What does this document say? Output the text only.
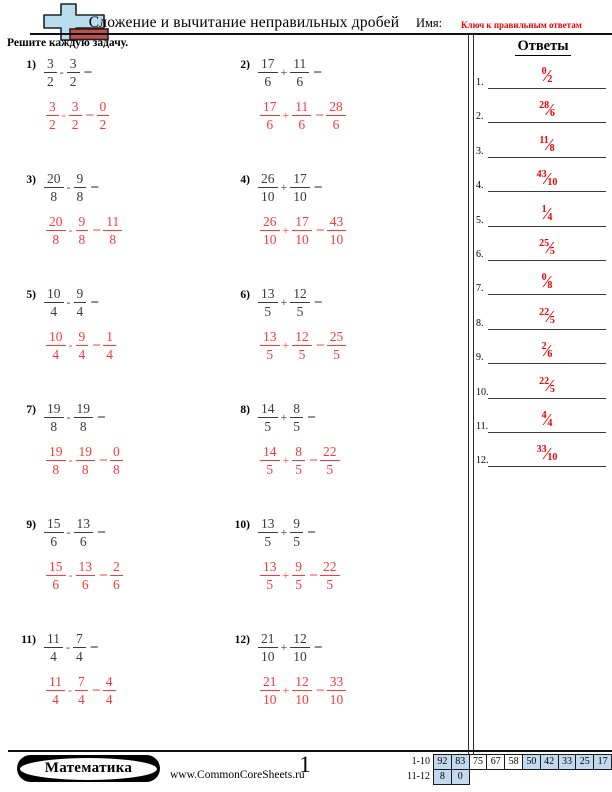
Сложение и вычитание неправильных дробей Имя: Ключ к правильным ответам
Решите каждую задачу.	Ответы
1.
$^0⁄_2$
2.
$^{28}⁄_6$
3.
$^{11}⁄_8$
4.
$^{43}⁄_{10}$
5.
$^1⁄_4$
6.
$^{25}⁄_5$
7.
$^0⁄_8$
8.
$^{22}⁄_5$
9.
$^2⁄_6$
10.
$^{22}⁄_5$
11.
$^4⁄_4$
12.
$^{33}⁄_{10}$
$1) \frac{3}{2} - \frac{3}{2}$ –
$\frac{3}{2} - \frac{3}{2} - \frac{0}{2}$
$2) \frac{17}{6} + \frac{11}{6}$ –
$\frac{17}{6} + \frac{11}{6} - \frac{28}{6}$
$3) \frac{20}{8} - \frac{9}{8}$ –
$\frac{20}{8} - \frac{9}{8} - \frac{11}{8}$
$4) \frac{26}{10} + \frac{17}{10}$ –
$\frac{26}{10} + \frac{17}{10} - \frac{43}{10}$
$5) \frac{10}{4} - \frac{9}{4}$ –
$\frac{10}{4} - \frac{9}{4} - \frac{1}{4}$
$6) \frac{13}{5} + \frac{12}{5}$ –
$\frac{13}{5} + \frac{12}{5} - \frac{25}{5}$
$7) \frac{19}{8} - \frac{19}{8}$ –
$\frac{19}{8} - \frac{19}{8} - \frac{0}{8}$
$8) \frac{14}{5} + \frac{8}{5}$ –
$\frac{14}{5} + \frac{8}{5} - \frac{22}{5}$
$9) \frac{15}{6} - \frac{13}{6}$ –
$\frac{15}{6} - \frac{13}{6} - \frac{2}{6}$
$10) \frac{13}{5} + \frac{9}{5}$ –
$\frac{13}{5} + \frac{9}{5} - \frac{22}{5}$
$11) \frac{11}{4} - \frac{7}{4}$ –
$\frac{11}{4} - \frac{7}{4} - \frac{4}{4}$
$12) \frac{21}{10} + \frac{12}{10}$ –
$\frac{21}{10} + \frac{12}{10} - \frac{33}{10}$
Математика	www.CommonCoreSheets.ru
1	1-10 92 83 75 67 58 50 42 33 25 17
11-12 8	0
